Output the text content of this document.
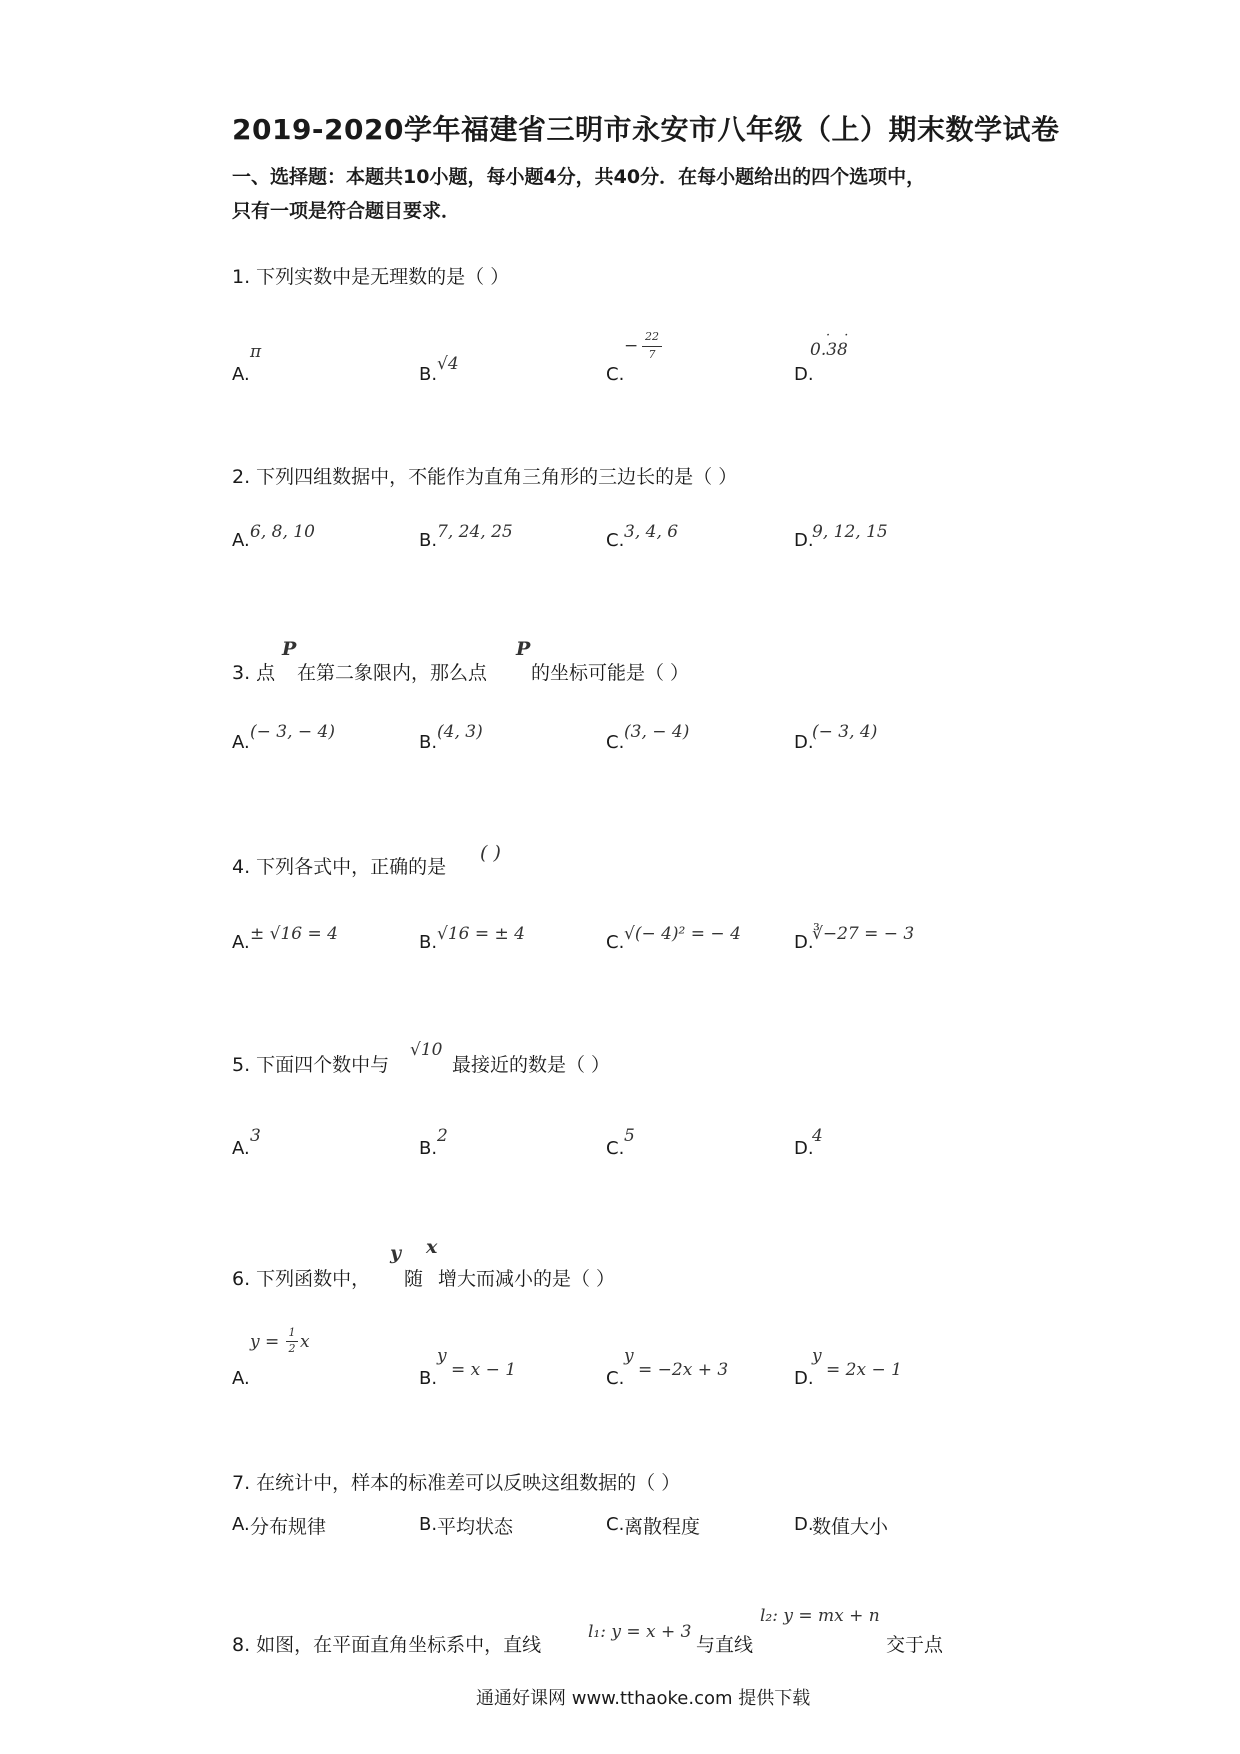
2019-2020学年福建省三明市永安市八年级（上）期末数学试卷
一、选择题：本题共10小题，每小题4分，共40分．在每小题给出的四个选项中，
只有一项是符合题目要求．
1. 下列实数中是无理数的是（ ）
A.
π
B. √4	C.
− 22
7
D.
· ·
0.38
2. 下列四组数据中，不能作为直角三角形的三边长的是（ ）
A. 6, 8, 10	B. 7, 24, 25	C. 3, 4, 6	D.
9, 12, 15
3. 点
P
在第二象限内，那么点
P
的坐标可能是（ ）
A. (− 3, − 4)	B. (4, 3)	C. (3, − 4)	D.
(− 3, 4)
4. 下列各式中，正确的是
( )
A. ± √16 = 4	B. √16 = ± 4	C. √(− 4)² = − 4	D.
∛−27 = − 3
5. 下面四个数中与
√10
最接近的数是（ ）
A.
3
B.
2
C.
5
D.
4
6. 下列函数中，
y
随
x
增大而减小的是（ ）
A.
y = 1
2 x
B.
y
= x − 1	C.
y
= −2x + 3	D.
y
= 2x − 1
7. 在统计中，样本的标准差可以反映这组数据的（ ）
A. 分布规律	B. 平均状态	C. 离散程度	D.
数值大小
8. 如图，在平面直角坐标系中，直线
l₁: y = x + 3
与直线
l₂: y = mx + n
交于点
通通好课网 www.tthaoke.com 提供下载
